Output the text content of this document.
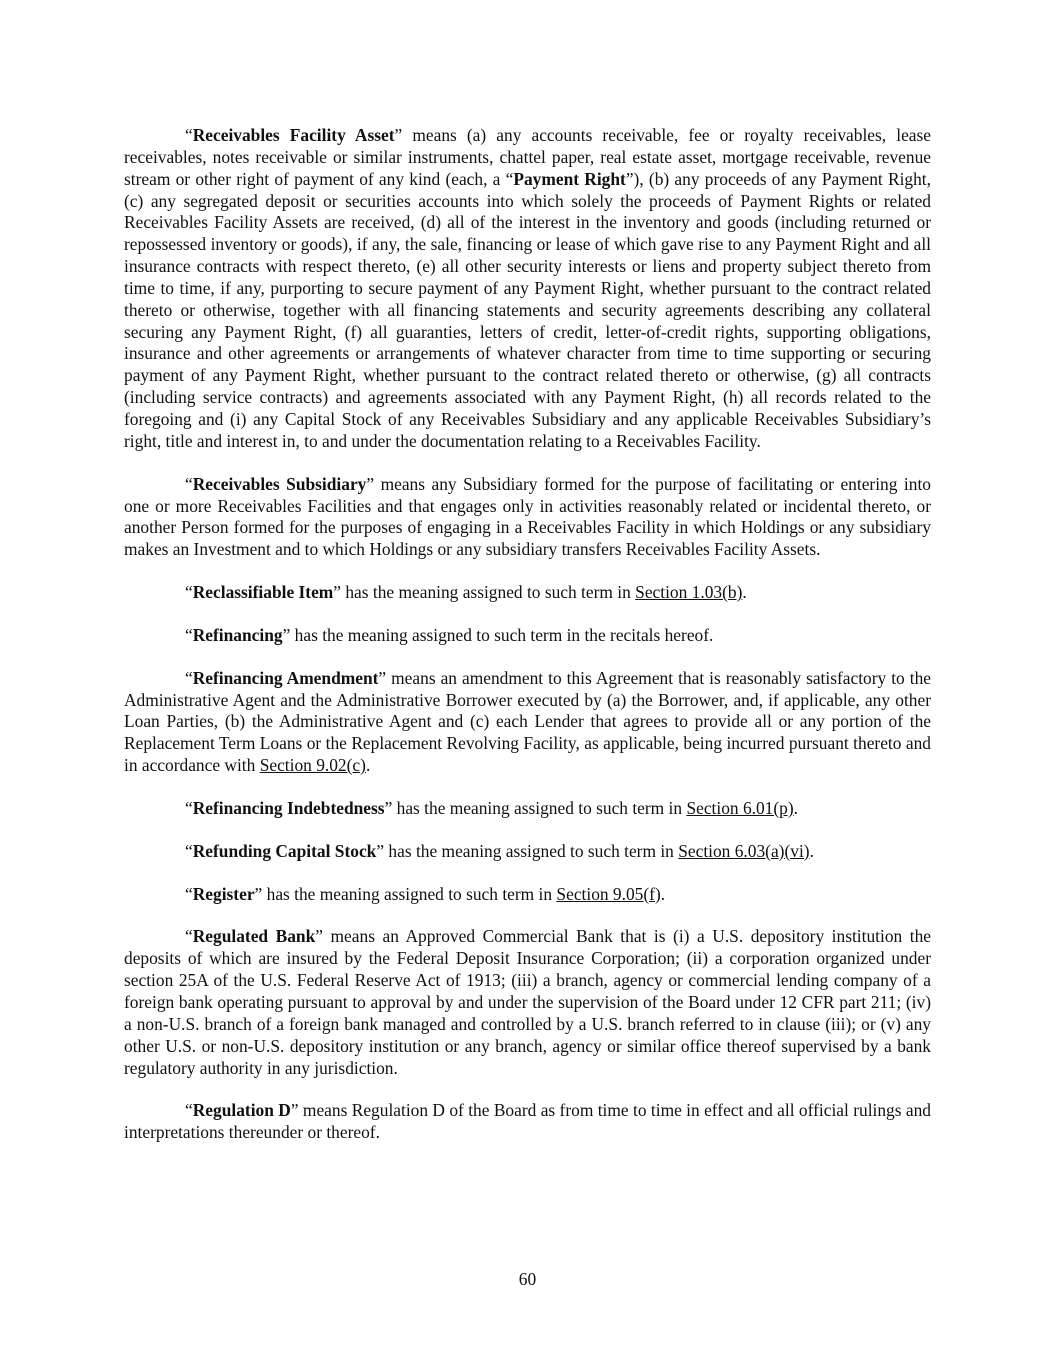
“Receivables Facility Asset” means (a) any accounts receivable, fee or royalty receivables, lease receivables, notes receivable or similar instruments, chattel paper, real estate asset, mortgage receivable, revenue stream or other right of payment of any kind (each, a “Payment Right”), (b) any proceeds of any Payment Right, (c) any segregated deposit or securities accounts into which solely the proceeds of Payment Rights or related Receivables Facility Assets are received, (d) all of the interest in the inventory and goods (including returned or repossessed inventory or goods), if any, the sale, financing or lease of which gave rise to any Payment Right and all insurance contracts with respect thereto, (e) all other security interests or liens and property subject thereto from time to time, if any, purporting to secure payment of any Payment Right, whether pursuant to the contract related thereto or otherwise, together with all financing statements and security agreements describing any collateral securing any Payment Right, (f) all guaranties, letters of credit, letter-of-credit rights, supporting obligations, insurance and other agreements or arrangements of whatever character from time to time supporting or securing payment of any Payment Right, whether pursuant to the contract related thereto or otherwise, (g) all contracts (including service contracts) and agreements associated with any Payment Right, (h) all records related to the foregoing and (i) any Capital Stock of any Receivables Subsidiary and any applicable Receivables Subsidiary’s right, title and interest in, to and under the documentation relating to a Receivables Facility.

“Receivables Subsidiary” means any Subsidiary formed for the purpose of facilitating or entering into one or more Receivables Facilities and that engages only in activities reasonably related or incidental thereto, or another Person formed for the purposes of engaging in a Receivables Facility in which Holdings or any subsidiary makes an Investment and to which Holdings or any subsidiary transfers Receivables Facility Assets.

“Reclassifiable Item” has the meaning assigned to such term in Section 1.03(b).

“Refinancing” has the meaning assigned to such term in the recitals hereof.

“Refinancing Amendment” means an amendment to this Agreement that is reasonably satisfactory to the Administrative Agent and the Administrative Borrower executed by (a) the Borrower, and, if applicable, any other Loan Parties, (b) the Administrative Agent and (c) each Lender that agrees to provide all or any portion of the Replacement Term Loans or the Replacement Revolving Facility, as applicable, being incurred pursuant thereto and in accordance with Section 9.02(c).

“Refinancing Indebtedness” has the meaning assigned to such term in Section 6.01(p).

“Refunding Capital Stock” has the meaning assigned to such term in Section 6.03(a)(vi).

“Register” has the meaning assigned to such term in Section 9.05(f).

“Regulated Bank” means an Approved Commercial Bank that is (i) a U.S. depository institution the deposits of which are insured by the Federal Deposit Insurance Corporation; (ii) a corporation organized under section 25A of the U.S. Federal Reserve Act of 1913; (iii) a branch, agency or commercial lending company of a foreign bank operating pursuant to approval by and under the supervision of the Board under 12 CFR part 211; (iv) a non-U.S. branch of a foreign bank managed and controlled by a U.S. branch referred to in clause (iii); or (v) any other U.S. or non-U.S. depository institution or any branch, agency or similar office thereof supervised by a bank regulatory authority in any jurisdiction.

“Regulation D” means Regulation D of the Board as from time to time in effect and all official rulings and interpretations thereunder or thereof.

60
